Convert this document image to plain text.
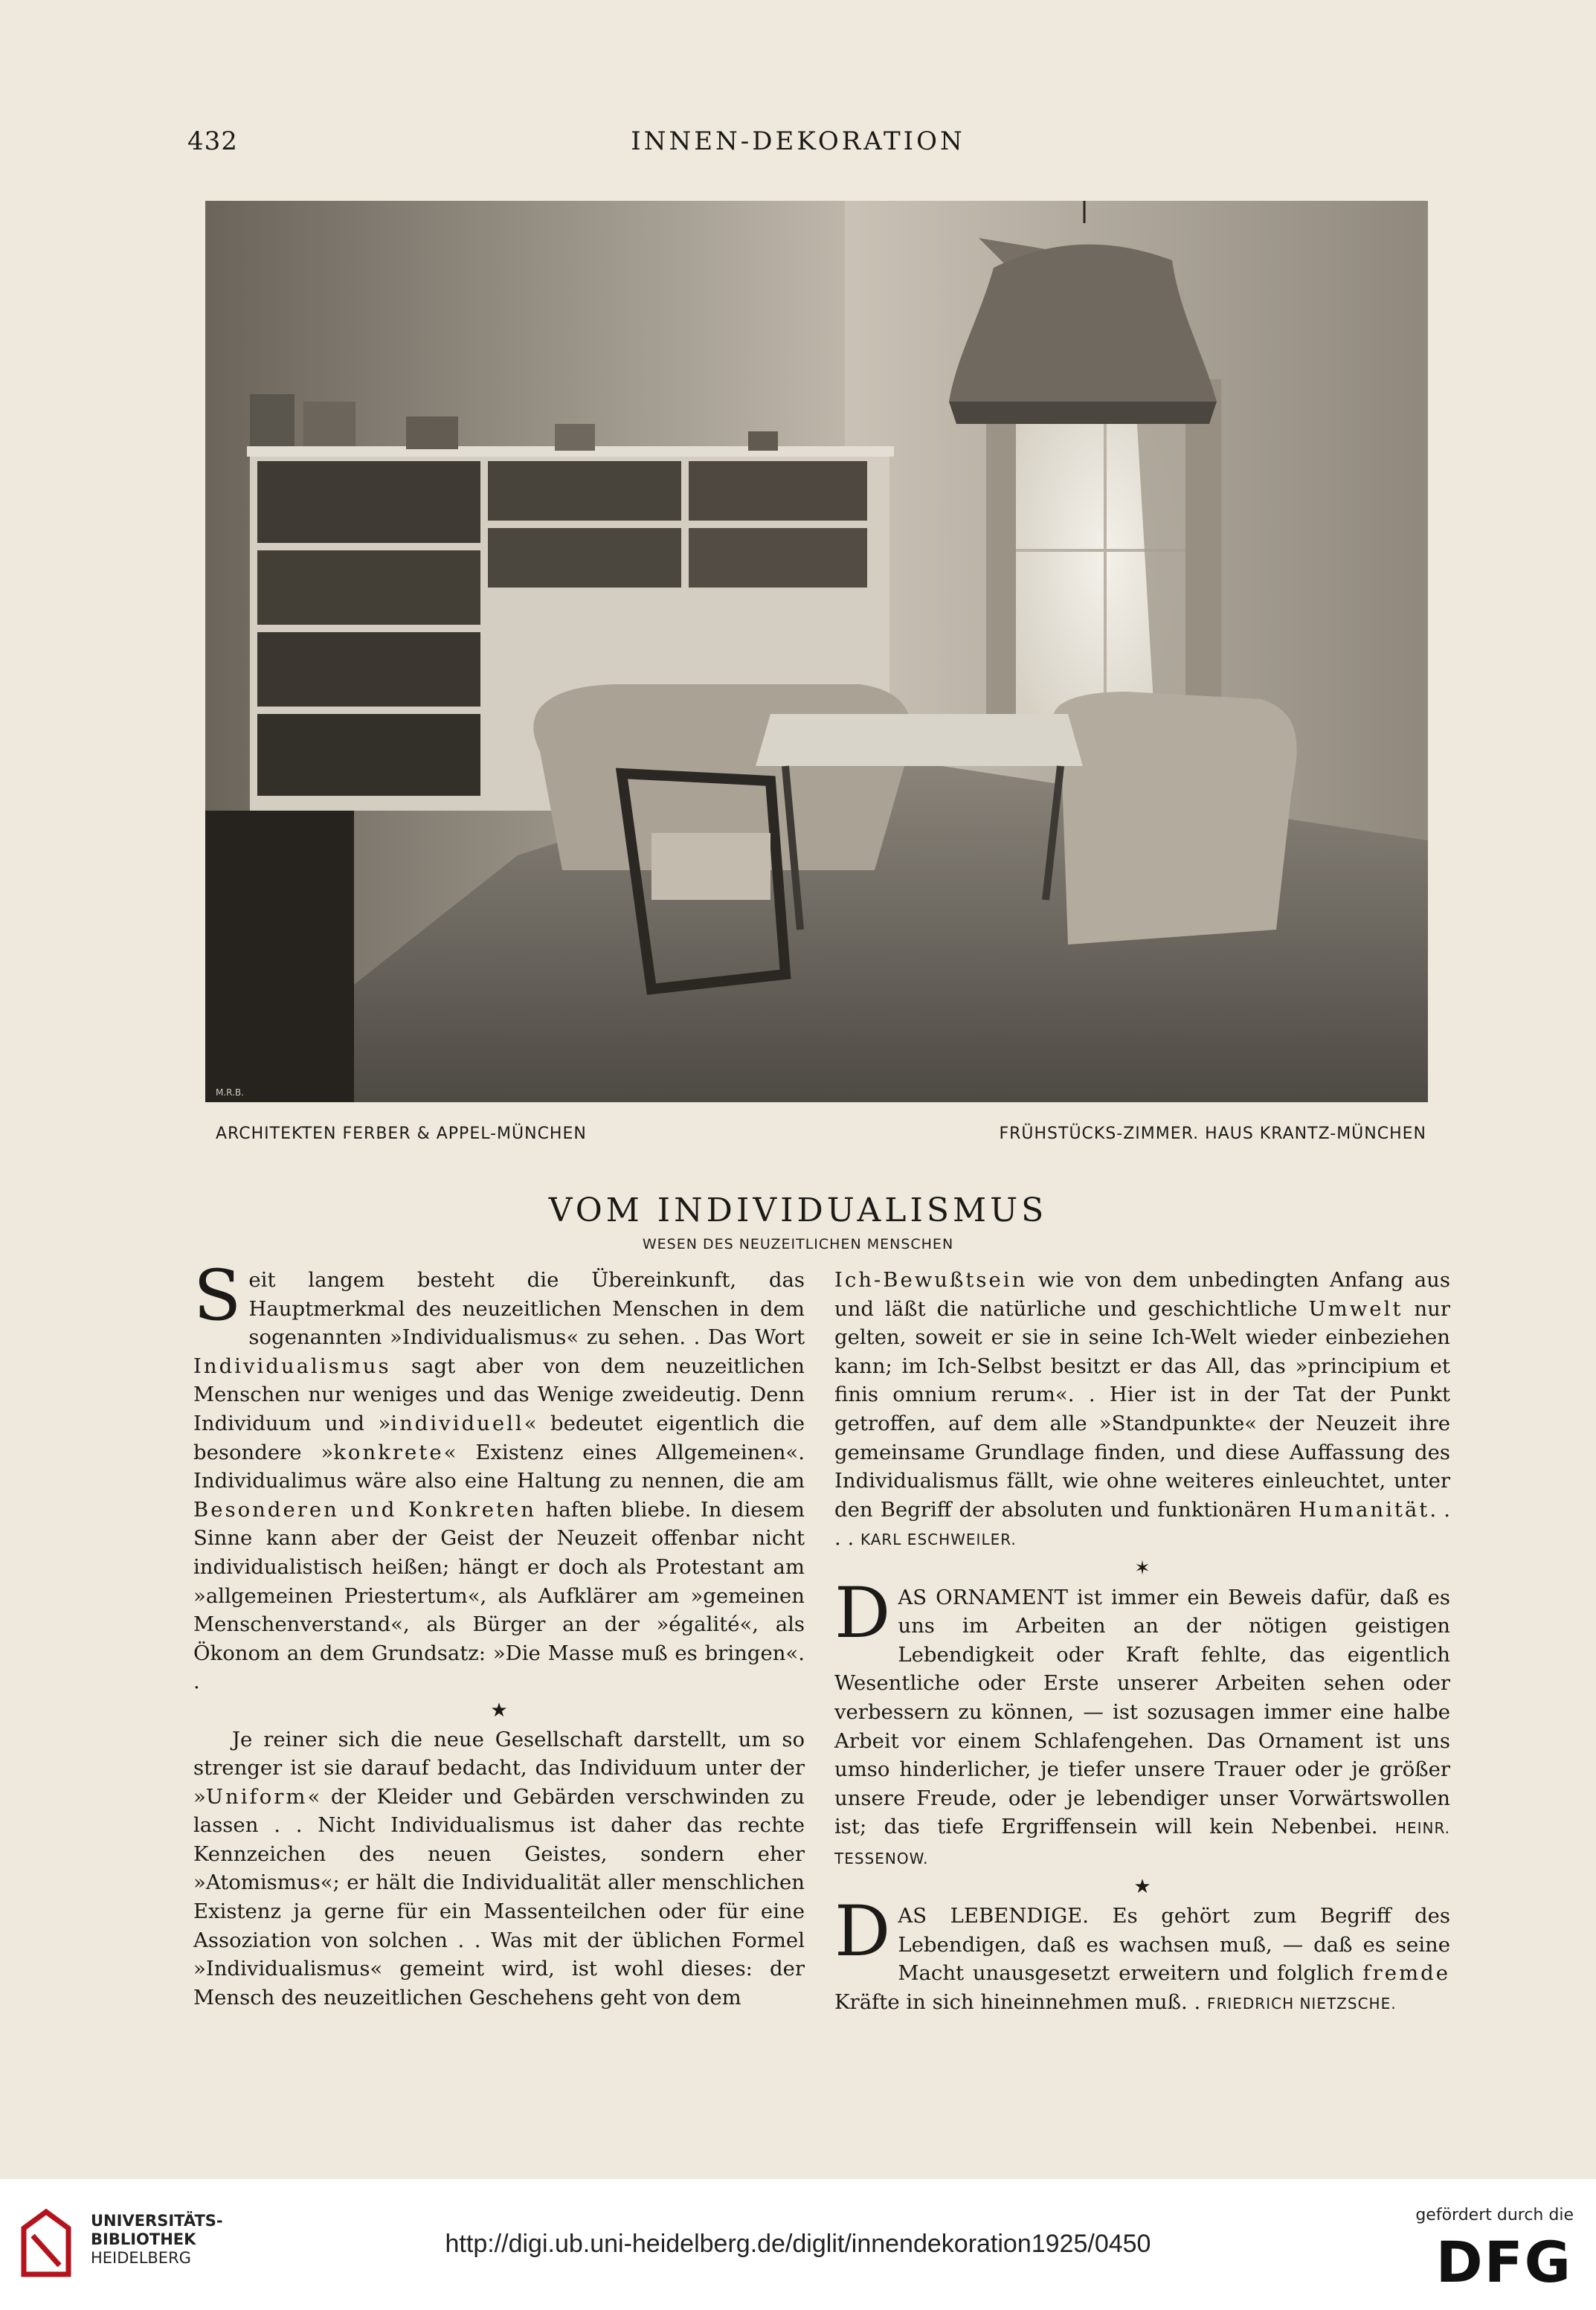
432	INNEN-DEKORATION
M.R.B.
ARCHITEKTEN FERBER & APPEL-MÜNCHEN	FRÜHSTÜCKS-ZIMMER. HAUS KRANTZ-MÜNCHEN
VOM INDIVIDUALISMUS
WESEN DES NEUZEITLICHEN MENSCHEN

Seit langem besteht die Übereinkunft, das Hauptmerkmal des neuzeitlichen Menschen in dem sogenannten »Individualismus« zu sehen. . Das Wort Individualismus sagt aber von dem neuzeitlichen Menschen nur weniges und das Wenige zweideutig. Denn Individuum und »individuell« bedeutet eigentlich die besondere »konkrete« Existenz eines Allgemeinen«. Individualimus wäre also eine Haltung zu nennen, die am Besonderen und Konkreten haften bliebe. In diesem Sinne kann aber der Geist der Neuzeit offenbar nicht individualistisch heißen; hängt er doch als Protestant am »allgemeinen Priestertum«, als Aufklärer am »gemeinen Menschenverstand«, als Bürger an der »égalité«, als Ökonom an dem Grundsatz: »Die Masse muß es bringen«. .

★

Je reiner sich die neue Gesellschaft darstellt, um so strenger ist sie darauf bedacht, das Individuum unter der »Uniform« der Kleider und Gebärden verschwinden zu lassen . . Nicht Individualismus ist daher das rechte Kennzeichen des neuen Geistes, sondern eher »Atomismus«; er hält die Individualität aller menschlichen Existenz ja gerne für ein Massenteilchen oder für eine Assoziation von solchen . . Was mit der üblichen Formel »Individualismus« gemeint wird, ist wohl dieses: der Mensch des neuzeitlichen Geschehens geht von dem

Ich-Bewußtsein wie von dem unbedingten Anfang aus und läßt die natürliche und geschichtliche Umwelt nur gelten, soweit er sie in seine Ich-Welt wieder einbeziehen kann; im Ich-Selbst besitzt er das All, das »principium et finis omnium rerum«. . Hier ist in der Tat der Punkt getroffen, auf dem alle »Standpunkte« der Neuzeit ihre gemeinsame Grundlage finden, und diese Auffassung des Individualismus fällt, wie ohne weiteres einleuchtet, unter den Begriff der absoluten und funktionären Humanität. . . . KARL ESCHWEILER.

✶

DAS ORNAMENT ist immer ein Beweis dafür, daß es uns im Arbeiten an der nötigen geistigen Lebendigkeit oder Kraft fehlte, das eigentlich Wesentliche oder Erste unserer Arbeiten sehen oder verbessern zu können, — ist sozusagen immer eine halbe Arbeit vor einem Schlafengehen. Das Ornament ist uns umso hinderlicher, je tiefer unsere Trauer oder je größer unsere Freude, oder je lebendiger unser Vorwärtswollen ist; das tiefe Ergriffensein will kein Nebenbei. HEINR. TESSENOW.

★

DAS LEBENDIGE. Es gehört zum Begriff des Lebendigen, daß es wachsen muß, — daß es seine Macht unausgesetzt erweitern und folglich fremde Kräfte in sich hineinnehmen muß. . FRIEDRICH NIETZSCHE.

UNIVERSITÄTS-
BIBLIOTHEK
HEIDELBERG	http://digi.ub.uni-heidelberg.de/diglit/innendekoration1925/0450
gefördert durch die
DFG
